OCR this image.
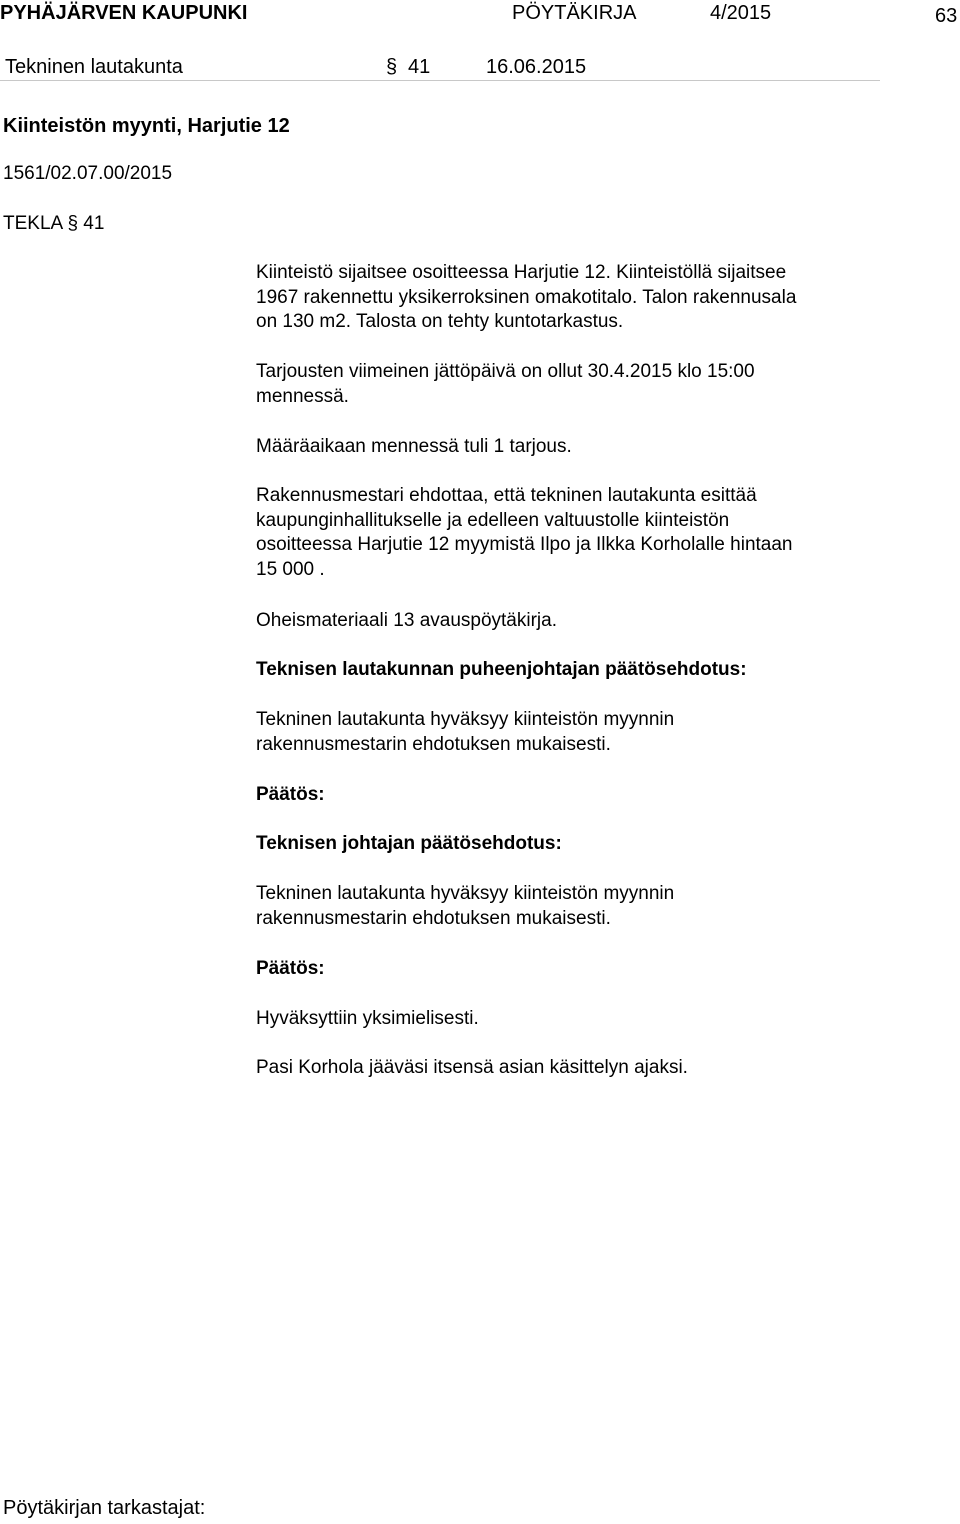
PYHÄJÄRVEN KAUPUNKI	PÖYTÄKIRJA	4/2015	63
Tekninen lautakunta	§ 41	16.06.2015
Kiinteistön myynti, Harjutie 12
1561/02.07.00/2015
TEKLA § 41
Kiinteistö sijaitsee osoitteessa Harjutie 12. Kiinteistöllä sijaitsee
1967 rakennettu yksikerroksinen omakotitalo. Talon rakennusala
on 130 m2. Talosta on tehty kuntotarkastus.
Tarjousten viimeinen jättöpäivä on ollut 30.4.2015 klo 15:00
mennessä.
Määräaikaan mennessä tuli 1 tarjous.
Rakennusmestari ehdottaa, että tekninen lautakunta esittää
kaupunginhallitukselle ja edelleen valtuustolle kiinteistön
osoitteessa Harjutie 12 myymistä Ilpo ja Ilkka Korholalle hintaan
15 000 .
Oheismateriaali 13 avauspöytäkirja.
Teknisen lautakunnan puheenjohtajan päätösehdotus:
Tekninen lautakunta hyväksyy kiinteistön myynnin
rakennusmestarin ehdotuksen mukaisesti.
Päätös:
Teknisen johtajan päätösehdotus:
Tekninen lautakunta hyväksyy kiinteistön myynnin
rakennusmestarin ehdotuksen mukaisesti.
Päätös:
Hyväksyttiin yksimielisesti.
Pasi Korhola jääväsi itsensä asian käsittelyn ajaksi.
Pöytäkirjan tarkastajat:
